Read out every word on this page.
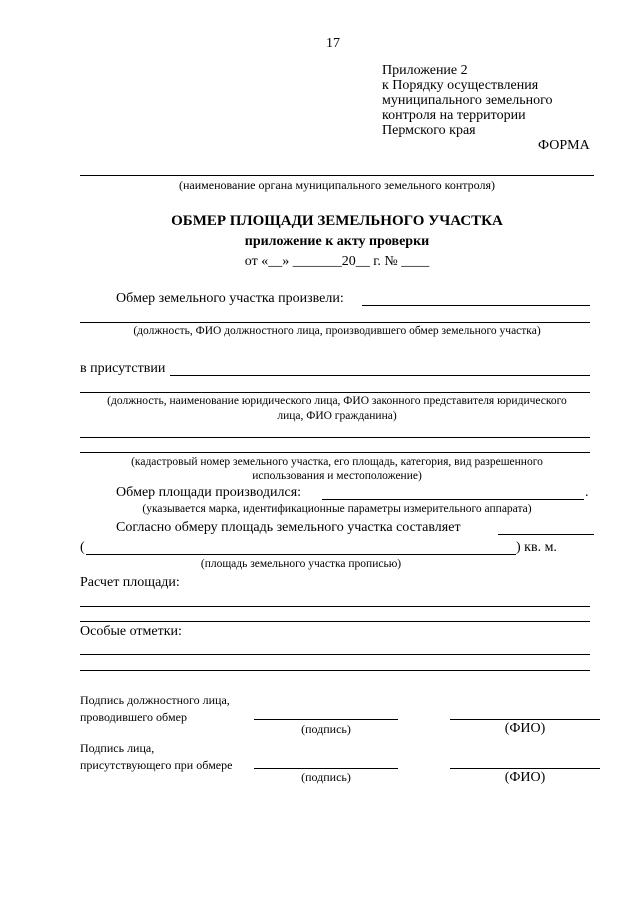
17
Приложение 2
к Порядку осуществления
муниципального земельного
контроля на территории
Пермского края
ФОРМА
(наименование органа муниципального земельного контроля)
ОБМЕР ПЛОЩАДИ ЗЕМЕЛЬНОГО УЧАСТКА
приложение к акту проверки
от «__» _______20__ г. № ____
Обмер земельного участка произвели:
(должность, ФИО должностного лица, производившего обмер земельного участка)
в присутствии
(должность, наименование юридического лица, ФИО законного представителя юридического
лица, ФИО гражданина)
(кадастровый номер земельного участка, его площадь, категория, вид разрешенного
использования и местоположение)
Обмер площади производился:	.
(указывается марка, идентификационные параметры измерительного аппарата)
Согласно обмеру площадь земельного участка составляет
(	) кв. м.
(площадь земельного участка прописью)
Расчет площади:
Особые отметки:
Подпись должностного лица,
проводившего обмер
(подпись)	(ФИО)
Подпись лица,
присутствующего при обмере
(подпись)	(ФИО)
